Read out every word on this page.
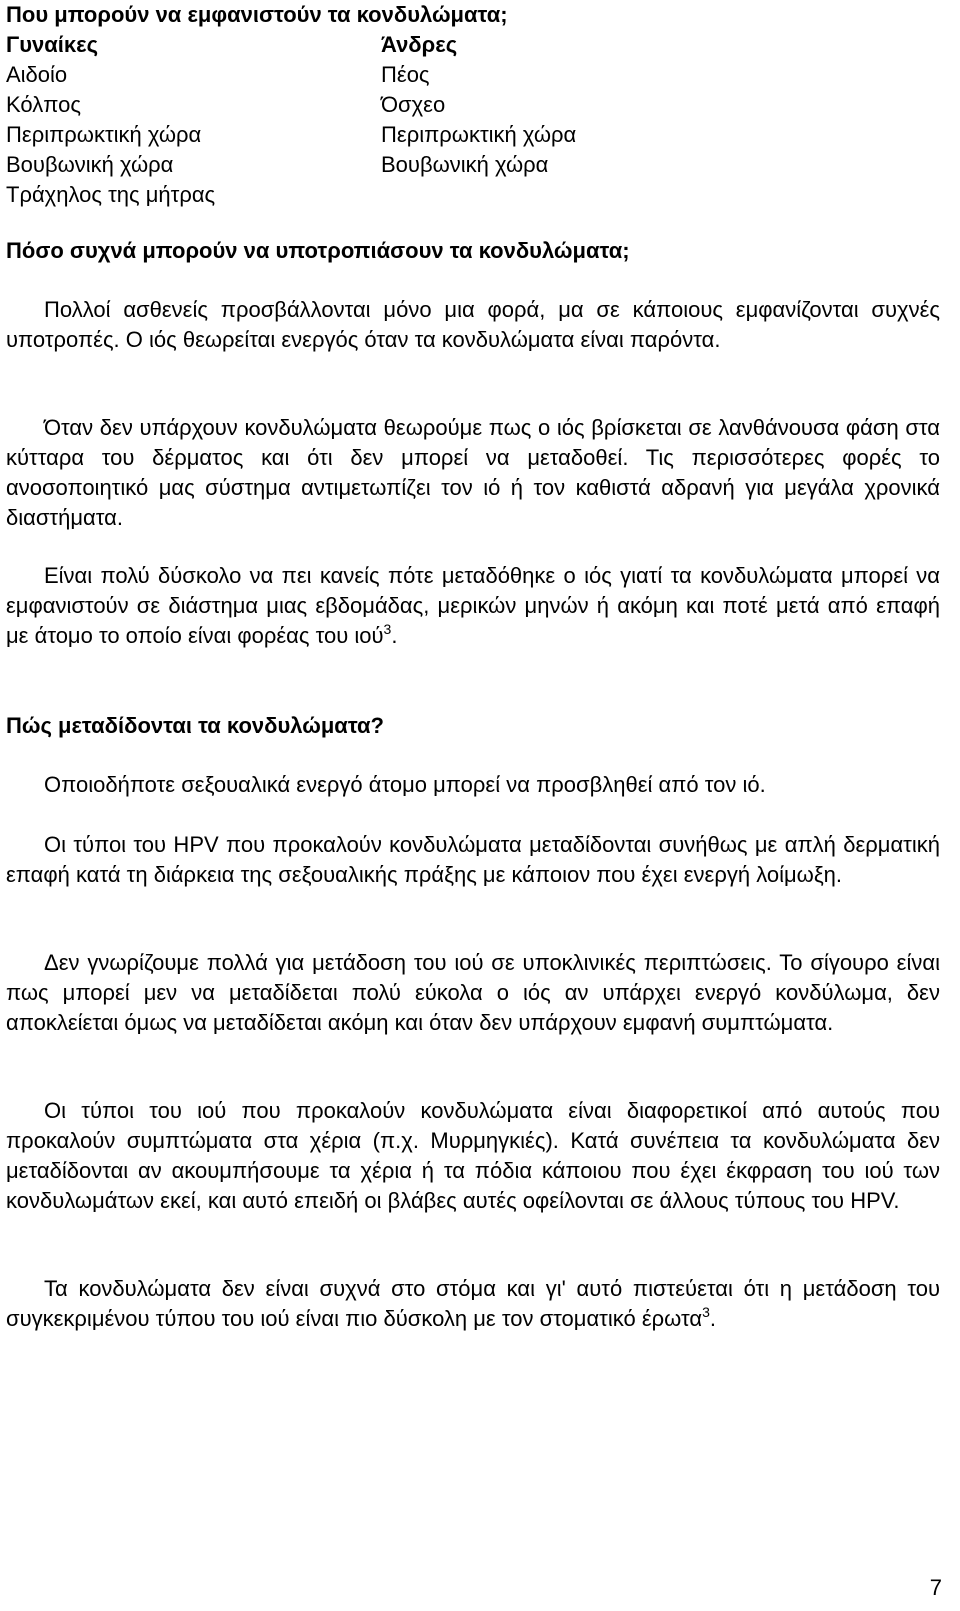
Που μπορούν να εμφανιστούν τα κονδυλώματα;

Γυναίκες
Αιδοίο
Κόλπος
Περιπρωκτική χώρα
Βουβωνική χώρα
Τράχηλος της μήτρας
Άνδρες
Πέος
Όσχεο
Περιπρωκτική χώρα
Βουβωνική χώρα

Πόσο συχνά μπορούν να υποτροπιάσουν τα κονδυλώματα;

Πολλοί ασθενείς προσβάλλονται μόνο μια φορά, μα σε κάποιους εμφανίζονται συχνές υποτροπές. Ο ιός θεωρείται ενεργός όταν τα κονδυλώματα είναι παρόντα.

Όταν δεν υπάρχουν κονδυλώματα θεωρούμε πως ο ιός βρίσκεται σε λανθάνουσα φάση στα κύτταρα του δέρματος και ότι δεν μπορεί να μεταδοθεί. Τις περισσότερες φορές το ανοσοποιητικό μας σύστημα αντιμετωπίζει τον ιό ή τον καθιστά αδρανή για μεγάλα χρονικά διαστήματα.

Είναι πολύ δύσκολο να πει κανείς πότε μεταδόθηκε ο ιός γιατί τα κονδυλώματα μπορεί να εμφανιστούν σε διάστημα μιας εβδομάδας, μερικών μηνών ή ακόμη και ποτέ μετά από επαφή με άτομο το οποίο είναι φορέας του ιού$^3$.

Πώς μεταδίδονται τα κονδυλώματα?

Οποιοδήποτε σεξουαλικά ενεργό άτομο μπορεί να προσβληθεί από τον ιό.

Οι τύποι του HPV που προκαλούν κονδυλώματα μεταδίδονται συνήθως με απλή δερματική επαφή κατά τη διάρκεια της σεξουαλικής πράξης με κάποιον που έχει ενεργή λοίμωξη.

Δεν γνωρίζουμε πολλά για μετάδοση του ιού σε υποκλινικές περιπτώσεις. Το σίγουρο είναι πως μπορεί μεν να μεταδίδεται πολύ εύκολα ο ιός αν υπάρχει ενεργό κονδύλωμα, δεν αποκλείεται όμως να μεταδίδεται ακόμη και όταν δεν υπάρχουν εμφανή συμπτώματα.

Οι τύποι του ιού που προκαλούν κονδυλώματα είναι διαφορετικοί από αυτούς που προκαλούν συμπτώματα στα χέρια (π.χ. Μυρμηγκιές). Κατά συνέπεια τα κονδυλώματα δεν μεταδίδονται αν ακουμπήσουμε τα χέρια ή τα πόδια κάποιου που έχει έκφραση του ιού των κονδυλωμάτων εκεί, και αυτό επειδή οι βλάβες αυτές οφείλονται σε άλλους τύπους του HPV.

Τα κονδυλώματα δεν είναι συχνά στο στόμα και γι' αυτό πιστεύεται ότι η μετάδοση του συγκεκριμένου τύπου του ιού είναι πιο δύσκολη με τον στοματικό έρωτα$^3$.

7
